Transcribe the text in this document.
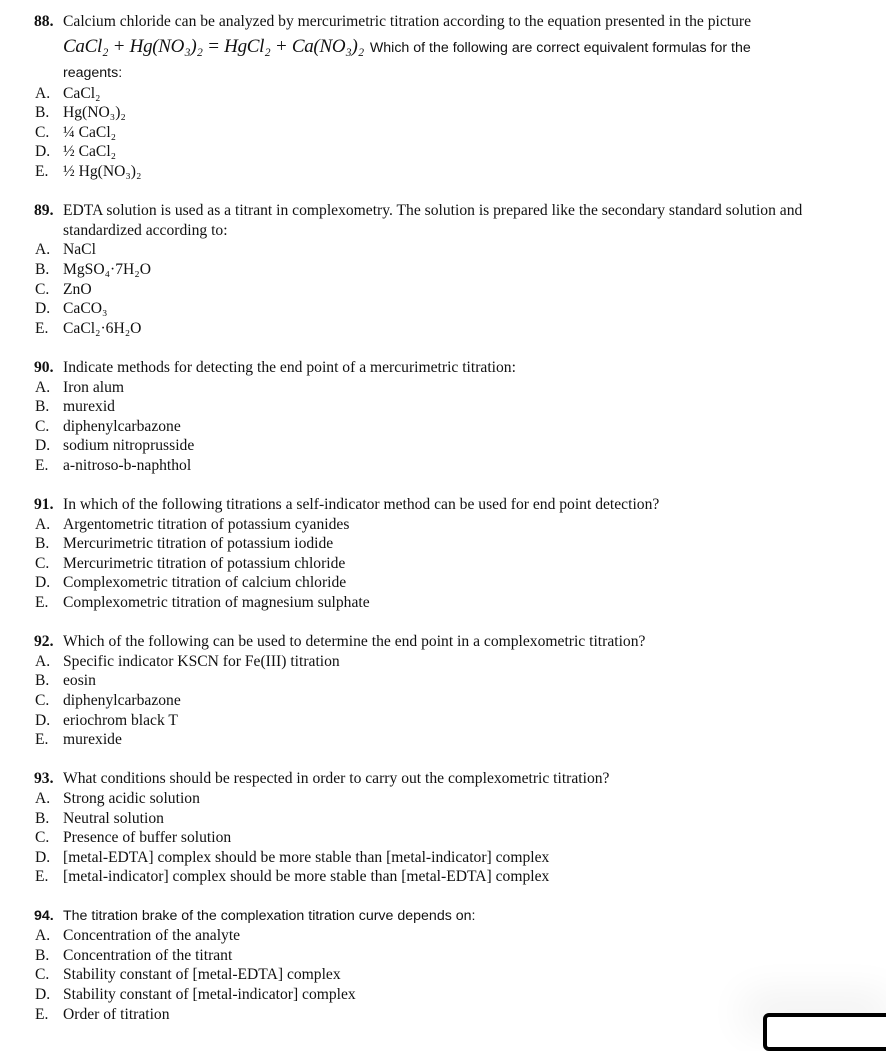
88. Calcium chloride can be analyzed by mercurimetric titration according to the equation presented in the picture
CaCl₂ + Hg(NO₃)₂ = HgCl₂ + Ca(NO₃)₂ Which of the following are correct equivalent formulas for the
reagents:
A. CaCl₂
B. Hg(NO₃)₂
C. ¼ CaCl₂
D. ½ CaCl₂
E. ½ Hg(NO₃)₂
89. EDTA solution is used as a titrant in complexometry. The solution is prepared like the secondary standard solution and standardized according to:
A. NaCl
B. MgSO₄·7H₂O
C. ZnO
D. CaCO₃
E. CaCl₂·6H₂O
90. Indicate methods for detecting the end point of a mercurimetric titration:
A. Iron alum
B. murexid
C. diphenylcarbazone
D. sodium nitroprusside
E. a-nitroso-b-naphthol
91. In which of the following titrations a self-indicator method can be used for end point detection?
A. Argentometric titration of potassium cyanides
B. Mercurimetric titration of potassium iodide
C. Mercurimetric titration of potassium chloride
D. Complexometric titration of calcium chloride
E. Complexometric titration of magnesium sulphate
92. Which of the following can be used to determine the end point in a complexometric titration?
A. Specific indicator KSCN for Fe(III) titration
B. eosin
C. diphenylcarbazone
D. eriochrom black T
E. murexide
93. What conditions should be respected in order to carry out the complexometric titration?
A. Strong acidic solution
B. Neutral solution
C. Presence of buffer solution
D. [metal-EDTA] complex should be more stable than [metal-indicator] complex
E. [metal-indicator] complex should be more stable than [metal-EDTA] complex
94. The titration brake of the complexation titration curve depends on:
A. Concentration of the analyte
B. Concentration of the titrant
C. Stability constant of [metal-EDTA] complex
D. Stability constant of [metal-indicator] complex
E. Order of titration
